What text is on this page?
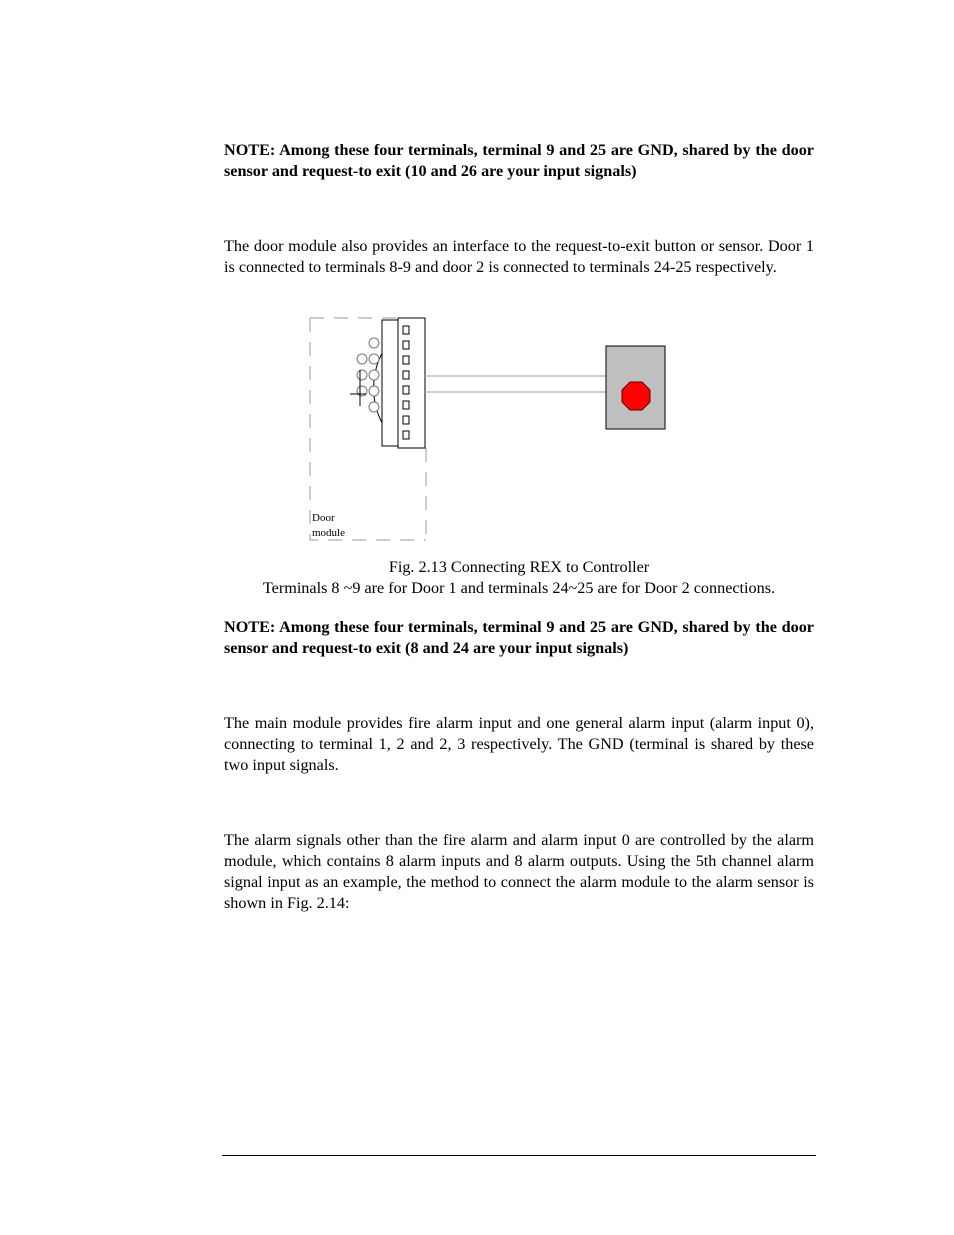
NOTE: Among these four terminals, terminal 9 and 25 are GND, shared by the door sensor and request-to exit (10 and 26 are your input signals)

The door module also provides an interface to the request-to-exit button or sensor. Door 1 is connected to terminals 8-9 and door 2 is connected to terminals 24-25 respectively.

Door
module

Fig. 2.13 Connecting REX to Controller

Terminals 8 ~9 are for Door 1 and terminals 24~25 are for Door 2 connections.

NOTE: Among these four terminals, terminal 9 and 25 are GND, shared by the door sensor and request-to exit (8 and 24 are your input signals)

The main module provides fire alarm input and one general alarm input (alarm input 0), connecting to terminal 1, 2 and 2, 3 respectively. The GND (terminal is shared by these two input signals.

The alarm signals other than the fire alarm and alarm input 0 are controlled by the alarm module, which contains 8 alarm inputs and 8 alarm outputs. Using the 5th channel alarm signal input as an example, the method to connect the alarm module to the alarm sensor is shown in Fig. 2.14:
